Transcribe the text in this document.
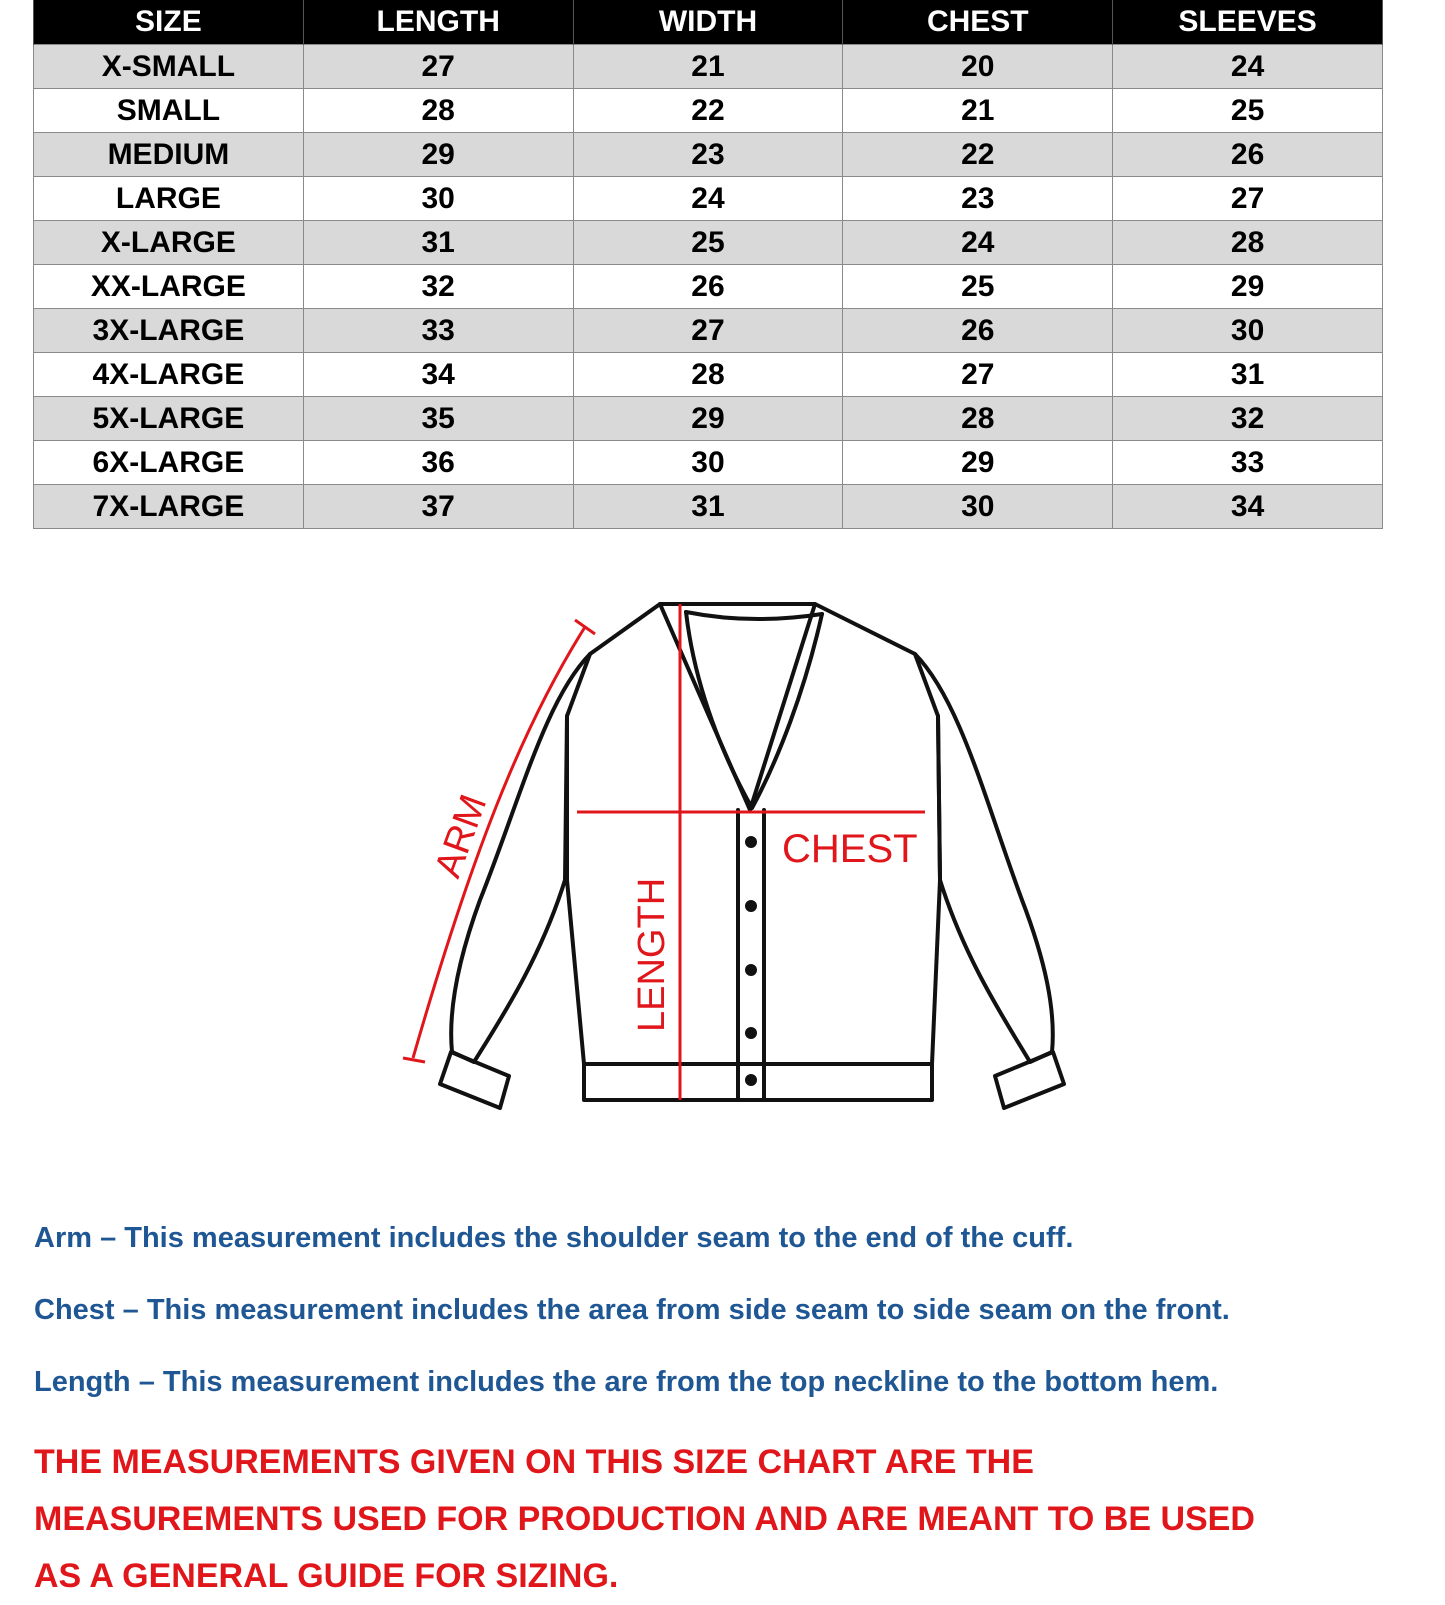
SIZE	LENGTH	WIDTH	CHEST	SLEEVES
X-SMALL	27	21	20	24
SMALL	28	22	21	25
MEDIUM	29	23	22	26
LARGE	30	24	23	27
X-LARGE	31	25	24	28
XX-LARGE	32	26	25	29
3X-LARGE	33	27	26	30
4X-LARGE	34	28	27	31
5X-LARGE	35	29	28	32
6X-LARGE	36	30	29	33
7X-LARGE	37	31	30	34
ARM	CHEST
LENGTH

Arm – This measurement includes the shoulder seam to the end of the cuff.

Chest – This measurement includes the area from side seam to side seam on the front.

Length – This measurement includes the are from the top neckline to the bottom hem.

THE MEASUREMENTS GIVEN ON THIS SIZE CHART ARE THE
MEASUREMENTS USED FOR PRODUCTION AND ARE MEANT TO BE USED
AS A GENERAL GUIDE FOR SIZING.
